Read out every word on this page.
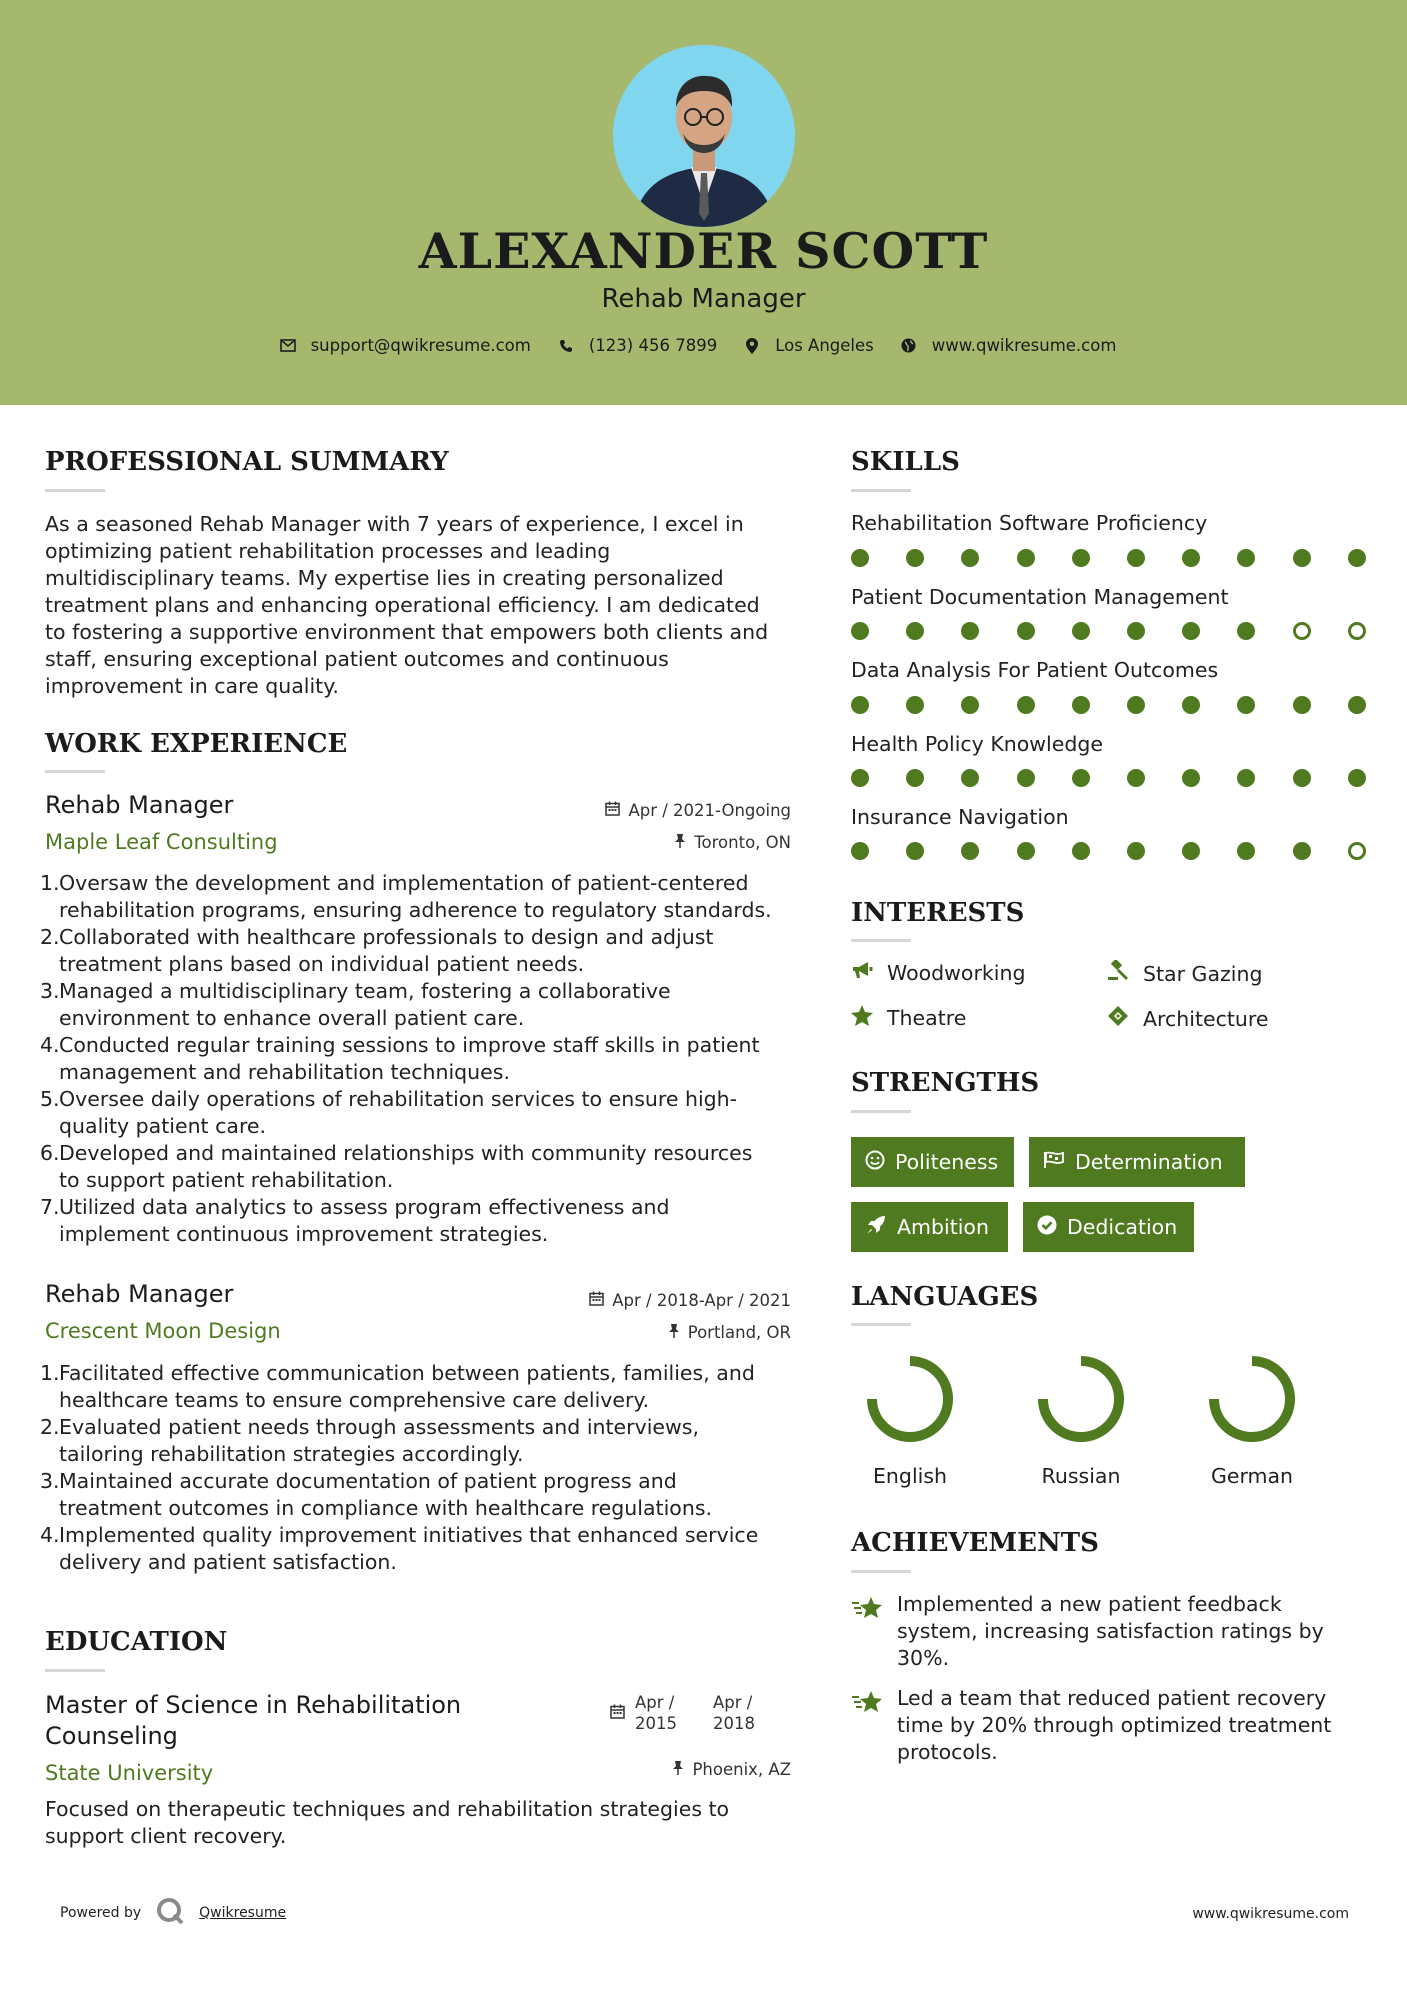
ALEXANDER SCOTT
Rehab Manager
support@qwikresume.com	(123) 456 7899	Los Angeles	www.qwikresume.com
PROFESSIONAL SUMMARY
As a seasoned Rehab Manager with 7 years of experience, I excel in
optimizing patient rehabilitation processes and leading
multidisciplinary teams. My expertise lies in creating personalized
treatment plans and enhancing operational efficiency. I am dedicated
to fostering a supportive environment that empowers both clients and
staff, ensuring exceptional patient outcomes and continuous
improvement in care quality.
WORK EXPERIENCE
Rehab Manager
Maple Leaf Consulting
Apr / 2021-Ongoing
Toronto, ON
1. Oversaw the development and implementation of patient-centered
rehabilitation programs, ensuring adherence to regulatory standards.
2. Collaborated with healthcare professionals to design and adjust
treatment plans based on individual patient needs.
3. Managed a multidisciplinary team, fostering a collaborative
environment to enhance overall patient care.
4. Conducted regular training sessions to improve staff skills in patient
management and rehabilitation techniques.
5. Oversee daily operations of rehabilitation services to ensure high-
quality patient care.
6. Developed and maintained relationships with community resources
to support patient rehabilitation.
7. Utilized data analytics to assess program effectiveness and
implement continuous improvement strategies.
Rehab Manager
Crescent Moon Design
Apr / 2018-Apr / 2021
Portland, OR
1. Facilitated effective communication between patients, families, and
healthcare teams to ensure comprehensive care delivery.
2. Evaluated patient needs through assessments and interviews,
tailoring rehabilitation strategies accordingly.
3. Maintained accurate documentation of patient progress and
treatment outcomes in compliance with healthcare regulations.
4. Implemented quality improvement initiatives that enhanced service
delivery and patient satisfaction.
EDUCATION
Master of Science in Rehabilitation
Counseling
State University
Apr /
2015
Apr /
2018
Phoenix, AZ
Focused on therapeutic techniques and rehabilitation strategies to
support client recovery.
SKILLS
Rehabilitation Software Proficiency
Patient Documentation Management
Data Analysis For Patient Outcomes
Health Policy Knowledge
Insurance Navigation
INTERESTS
Woodworking	Star Gazing
Theatre	Architecture
STRENGTHS
Politeness	Determination
Ambition	Dedication
LANGUAGES
English	Russian	German
ACHIEVEMENTS
Implemented a new patient feedback
system, increasing satisfaction ratings by
30%.
Led a team that reduced patient recovery
time by 20% through optimized treatment
protocols.
Powered by	Qwikresume	www.qwikresume.com
